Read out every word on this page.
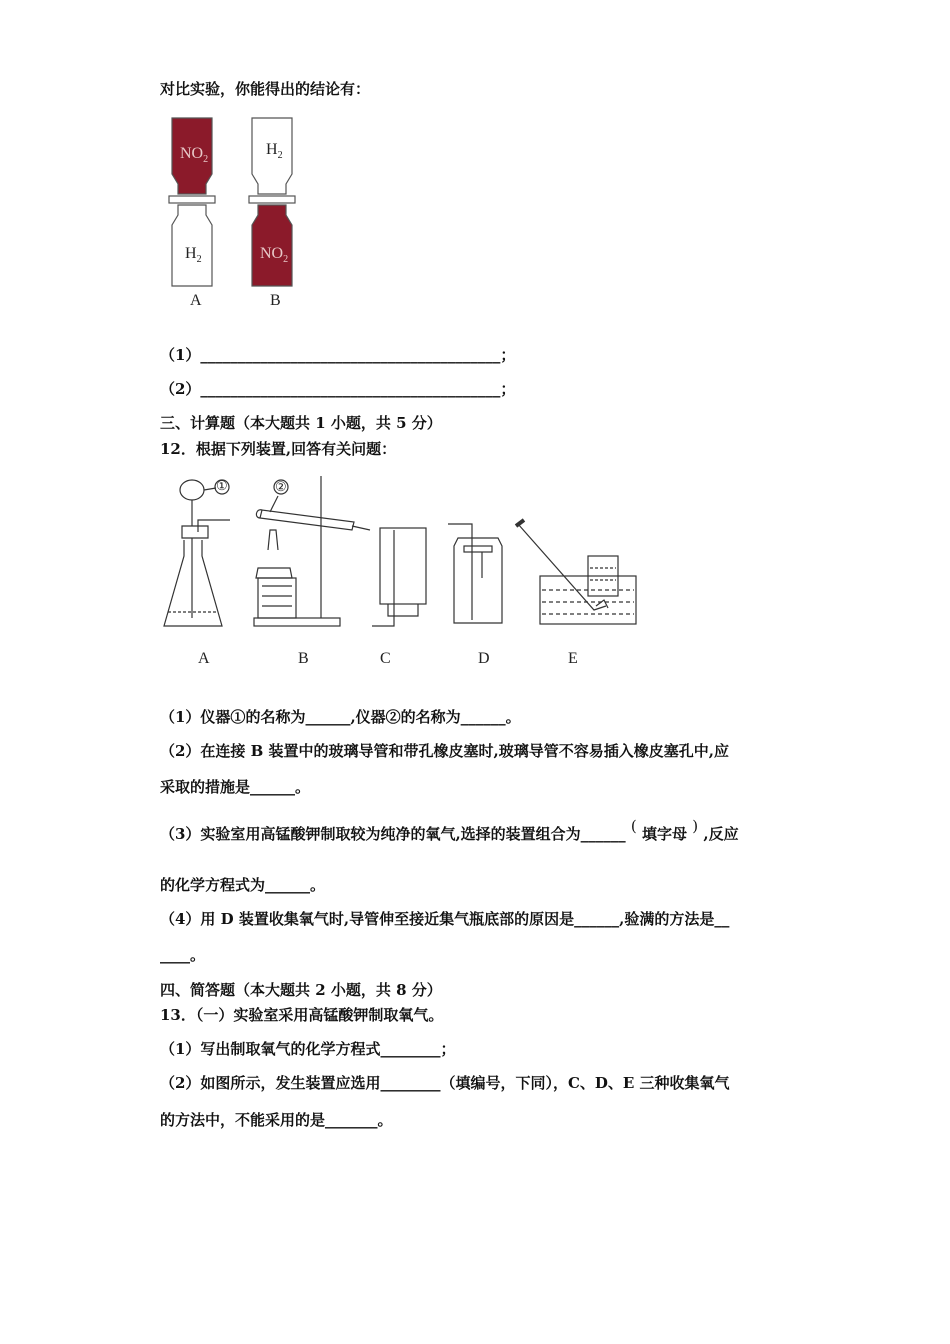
对比实验，你能得出的结论有：
$NO_2$
$H_2$
A
$H_2$
$NO_2$
B
（1）________________________________________；
（2）________________________________________；
三、计算题（本大题共 1 小题，共 5 分）
12．根据下列装置,回答有关问题：
①	②
A	B	C	D	E
（1）仪器①的名称为______,仪器②的名称为______。
（2）在连接 B 装置中的玻璃导管和带孔橡皮塞时,玻璃导管不容易插入橡皮塞孔中,应
采取的措施是______。
（3）实验室用高锰酸钾制取较为纯净的氧气,选择的装置组合为______ ( 填字母 ) ,反应
的化学方程式为______。
（4）用 D 装置收集氧气时,导管伸至接近集气瓶底部的原因是______,验满的方法是__
____。
四、简答题（本大题共 2 小题，共 8 分）
13．（一）实验室采用高锰酸钾制取氧气。
（1）写出制取氧气的化学方程式________；
（2）如图所示，发生装置应选用________（填编号，下同），C、D、E 三种收集氧气
的方法中，不能采用的是_______。
